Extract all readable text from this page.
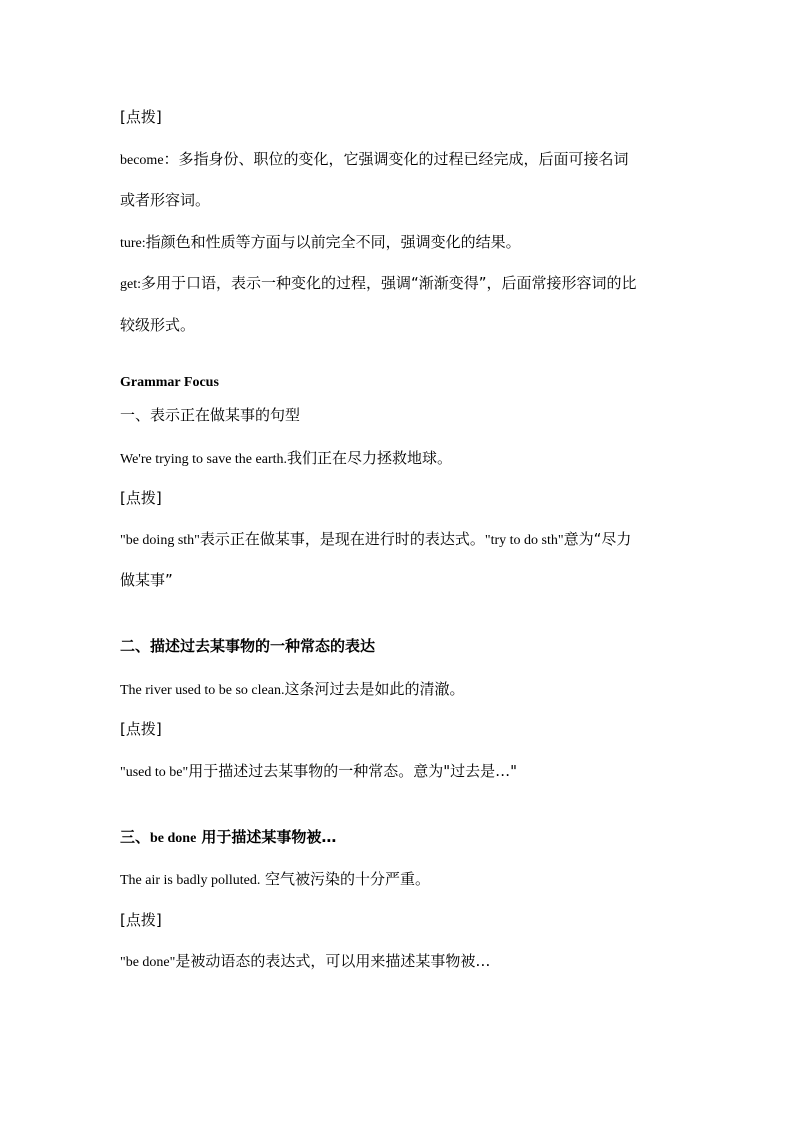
[点拨]
become：多指身份、职位的变化，它强调变化的过程已经完成，后面可接名词
或者形容词。
ture:指颜色和性质等方面与以前完全不同，强调变化的结果。
get:多用于口语，表示一种变化的过程，强调“渐渐变得”，后面常接形容词的比
较级形式。
Grammar Focus
一、表示正在做某事的句型
We're trying to save the earth.我们正在尽力拯救地球。
[点拨]
"be doing sth"表示正在做某事，是现在进行时的表达式。"try to do sth"意为“尽力
做某事”
二、描述过去某事物的一种常态的表达
The river used to be so clean.这条河过去是如此的清澈。
[点拨]
"used to be"用于描述过去某事物的一种常态。意为"过去是…"
三、be done 用于描述某事物被…
The air is badly polluted. 空气被污染的十分严重。
[点拨]
"be done"是被动语态的表达式，可以用来描述某事物被…
